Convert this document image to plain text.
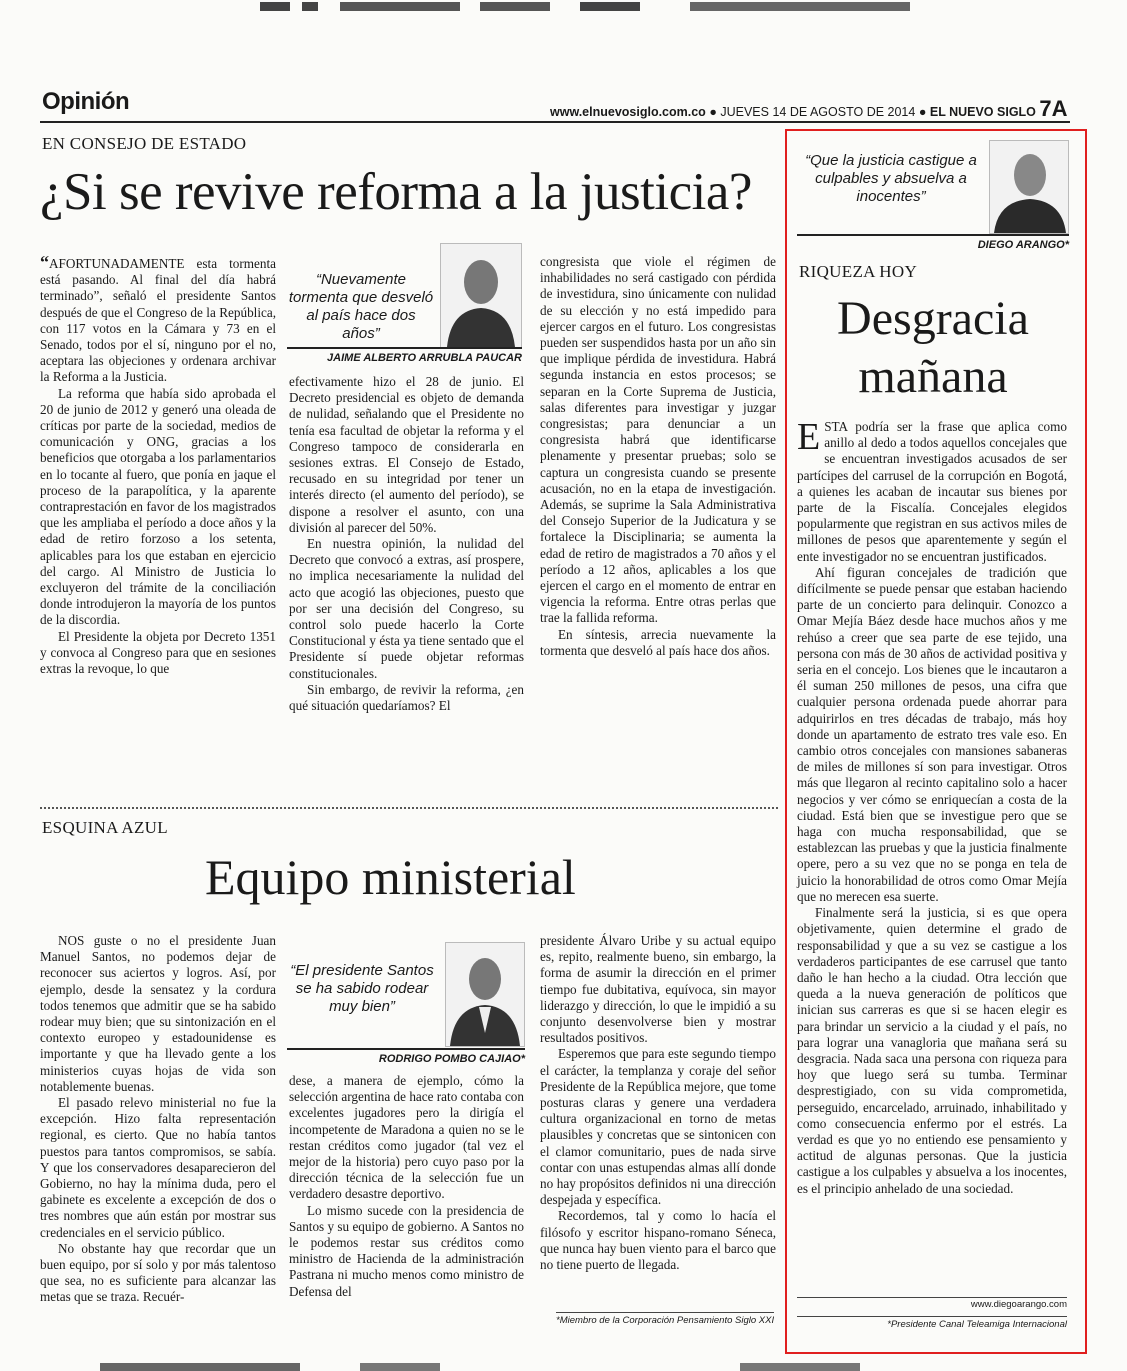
Opinión	www.elnuevosiglo.com.co ● JUEVES 14 DE AGOSTO DE 2014 ● EL NUEVO SIGLO 7A
EN CONSEJO DE ESTADO
¿Si se revive reforma a la justicia?

“AFORTUNADAMENTE esta tormenta está pasando. Al final del día habrá terminado”, señaló el presidente Santos después de que el Congreso de la República, con 117 votos en la Cámara y 73 en el Senado, todos por el sí, ninguno por el no, aceptara las objeciones y ordenara archivar la Reforma a la Justicia.

La reforma que había sido aprobada el 20 de junio de 2012 y generó una oleada de críticas por parte de la sociedad, medios de comunicación y ONG, gracias a los beneficios que otorgaba a los parlamentarios en lo tocante al fuero, que ponía en jaque el proceso de la parapolítica, y la aparente contraprestación en favor de los magistrados que les ampliaba el período a doce años y la edad de retiro forzoso a los setenta, aplicables para los que estaban en ejercicio del cargo. Al Ministro de Justicia lo excluyeron del trámite de la conciliación donde introdujeron la mayoría de los puntos de la discordia.

El Presidente la objeta por Decreto 1351 y convoca al Congreso para que en sesiones extras la revoque, lo que

“Nuevamente tormenta que desveló al país hace dos años”
JAIME ALBERTO ARRUBLA PAUCAR

efectivamente hizo el 28 de junio. El Decreto presidencial es objeto de demanda de nulidad, señalando que el Presidente no tenía esa facultad de objetar la reforma y el Congreso tampoco de considerarla en sesiones extras. El Consejo de Estado, recusado en su integridad por tener un interés directo (el aumento del período), se dispone a resolver el asunto, con una división al parecer del 50%.

En nuestra opinión, la nulidad del Decreto que convocó a extras, así prospere, no implica necesariamente la nulidad del acto que acogió las objeciones, puesto que por ser una decisión del Congreso, su control solo puede hacerlo la Corte Constitucional y ésta ya tiene sentado que el Presidente sí puede objetar reformas constitucionales.

Sin embargo, de revivir la reforma, ¿en qué situación quedaríamos? El

congresista que viole el régimen de inhabilidades no será castigado con pérdida de investidura, sino únicamente con nulidad de su elección y no está impedido para ejercer cargos en el futuro. Los congresistas pueden ser suspendidos hasta por un año sin que implique pérdida de investidura. Habrá segunda instancia en estos procesos; se separan en la Corte Suprema de Justicia, salas diferentes para investigar y juzgar congresistas; para denunciar a un congresista habrá que identificarse plenamente y presentar pruebas; solo se captura un congresista cuando se presente acusación, no en la etapa de investigación. Además, se suprime la Sala Administrativa del Consejo Superior de la Judicatura y se fortalece la Disciplinaria; se aumenta la edad de retiro de magistrados a 70 años y el período a 12 años, aplicables a los que ejercen el cargo en el momento de entrar en vigencia la reforma. Entre otras perlas que trae la fallida reforma.

En síntesis, arrecia nuevamente la tormenta que desveló al país hace dos años.

ESQUINA AZUL
Equipo ministerial

NOS guste o no el presidente Juan Manuel Santos, no podemos dejar de reconocer sus aciertos y logros. Así, por ejemplo, desde la sensatez y la cordura todos tenemos que admitir que se ha sabido rodear muy bien; que su sintonización en el contexto europeo y estadounidense es importante y que ha llevado gente a los ministerios cuyas hojas de vida son notablemente buenas.

El pasado relevo ministerial no fue la excepción. Hizo falta representación regional, es cierto. Que no había tantos puestos para tantos compromisos, se sabía. Y que los conservadores desaparecieron del Gobierno, no hay la mínima duda, pero el gabinete es excelente a excepción de dos o tres nombres que aún están por mostrar sus credenciales en el servicio público.

No obstante hay que recordar que un buen equipo, por sí solo y por más talentoso que sea, no es suficiente para alcanzar las metas que se traza. Recuér-

“El presidente Santos se ha sabido rodear muy bien”
RODRIGO POMBO CAJIAO*

dese, a manera de ejemplo, cómo la selección argentina de hace rato contaba con excelentes jugadores pero la dirigía el incompetente de Maradona a quien no se le restan créditos como jugador (tal vez el mejor de la historia) pero cuyo paso por la dirección técnica de la selección fue un verdadero desastre deportivo.

Lo mismo sucede con la presidencia de Santos y su equipo de gobierno. A Santos no le podemos restar sus créditos como ministro de Hacienda de la administración Pastrana ni mucho menos como ministro de Defensa del

presidente Álvaro Uribe y su actual equipo es, repito, realmente bueno, sin embargo, la forma de asumir la dirección en el primer tiempo fue dubitativa, equívoca, sin mayor liderazgo y dirección, lo que le impidió a su conjunto desenvolverse bien y mostrar resultados positivos.

Esperemos que para este segundo tiempo el carácter, la templanza y coraje del señor Presidente de la República mejore, que tome posturas claras y genere una verdadera cultura organizacional en torno de metas plausibles y concretas que se sintonicen con el clamor comunitario, pues de nada sirve contar con unas estupendas almas allí donde no hay propósitos definidos ni una dirección despejada y específica.

Recordemos, tal y como lo hacía el filósofo y escritor hispano-romano Séneca, que nunca hay buen viento para el barco que no tiene puerto de llegada.

*Miembro de la Corporación Pensamiento Siglo XXI
“Que la justicia castigue a culpables y absuelva a inocentes”
DIEGO ARANGO*
RIQUEZA HOY
Desgracia
mañana

ESTA podría ser la frase que aplica como anillo al dedo a todos aquellos concejales que se encuentran investigados acusados de ser partícipes del carrusel de la corrupción en Bogotá, a quienes les acaban de incautar sus bienes por parte de la Fiscalía. Concejales elegidos popularmente que registran en sus activos miles de millones de pesos que aparentemente y según el ente investigador no se encuentran justificados.

Ahí figuran concejales de tradición que difícilmente se puede pensar que estaban haciendo parte de un concierto para delinquir. Conozco a Omar Mejía Báez desde hace muchos años y me rehúso a creer que sea parte de ese tejido, una persona con más de 30 años de actividad positiva y seria en el concejo. Los bienes que le incautaron a él suman 250 millones de pesos, una cifra que cualquier persona ordenada puede ahorrar para adquirirlos en tres décadas de trabajo, más hoy donde un apartamento de estrato tres vale eso. En cambio otros concejales con mansiones sabaneras de miles de millones sí son para investigar. Otros más que llegaron al recinto capitalino solo a hacer negocios y ver cómo se enriquecían a costa de la ciudad. Está bien que se investigue pero que se haga con mucha responsabilidad, que se establezcan las pruebas y que la justicia finalmente opere, pero a su vez que no se ponga en tela de juicio la honorabilidad de otros como Omar Mejía que no merecen esa suerte.

Finalmente será la justicia, si es que opera objetivamente, quien determine el grado de responsabilidad y que a su vez se castigue a los verdaderos participantes de ese carrusel que tanto daño le han hecho a la ciudad. Otra lección que queda a la nueva generación de políticos que inician sus carreras es que si se hacen elegir es para brindar un servicio a la ciudad y el país, no para lograr una vanagloria que mañana será su desgracia. Nada saca una persona con riqueza para hoy que luego será su tumba. Terminar desprestigiado, con su vida comprometida, perseguido, encarcelado, arruinado, inhabilitado y como consecuencia enfermo por el estrés. La verdad es que yo no entiendo ese pensamiento y actitud de algunas personas. Que la justicia castigue a los culpables y absuelva a los inocentes, es el principio anhelado de una sociedad.

www.diegoarango.com
*Presidente Canal Teleamiga Internacional
